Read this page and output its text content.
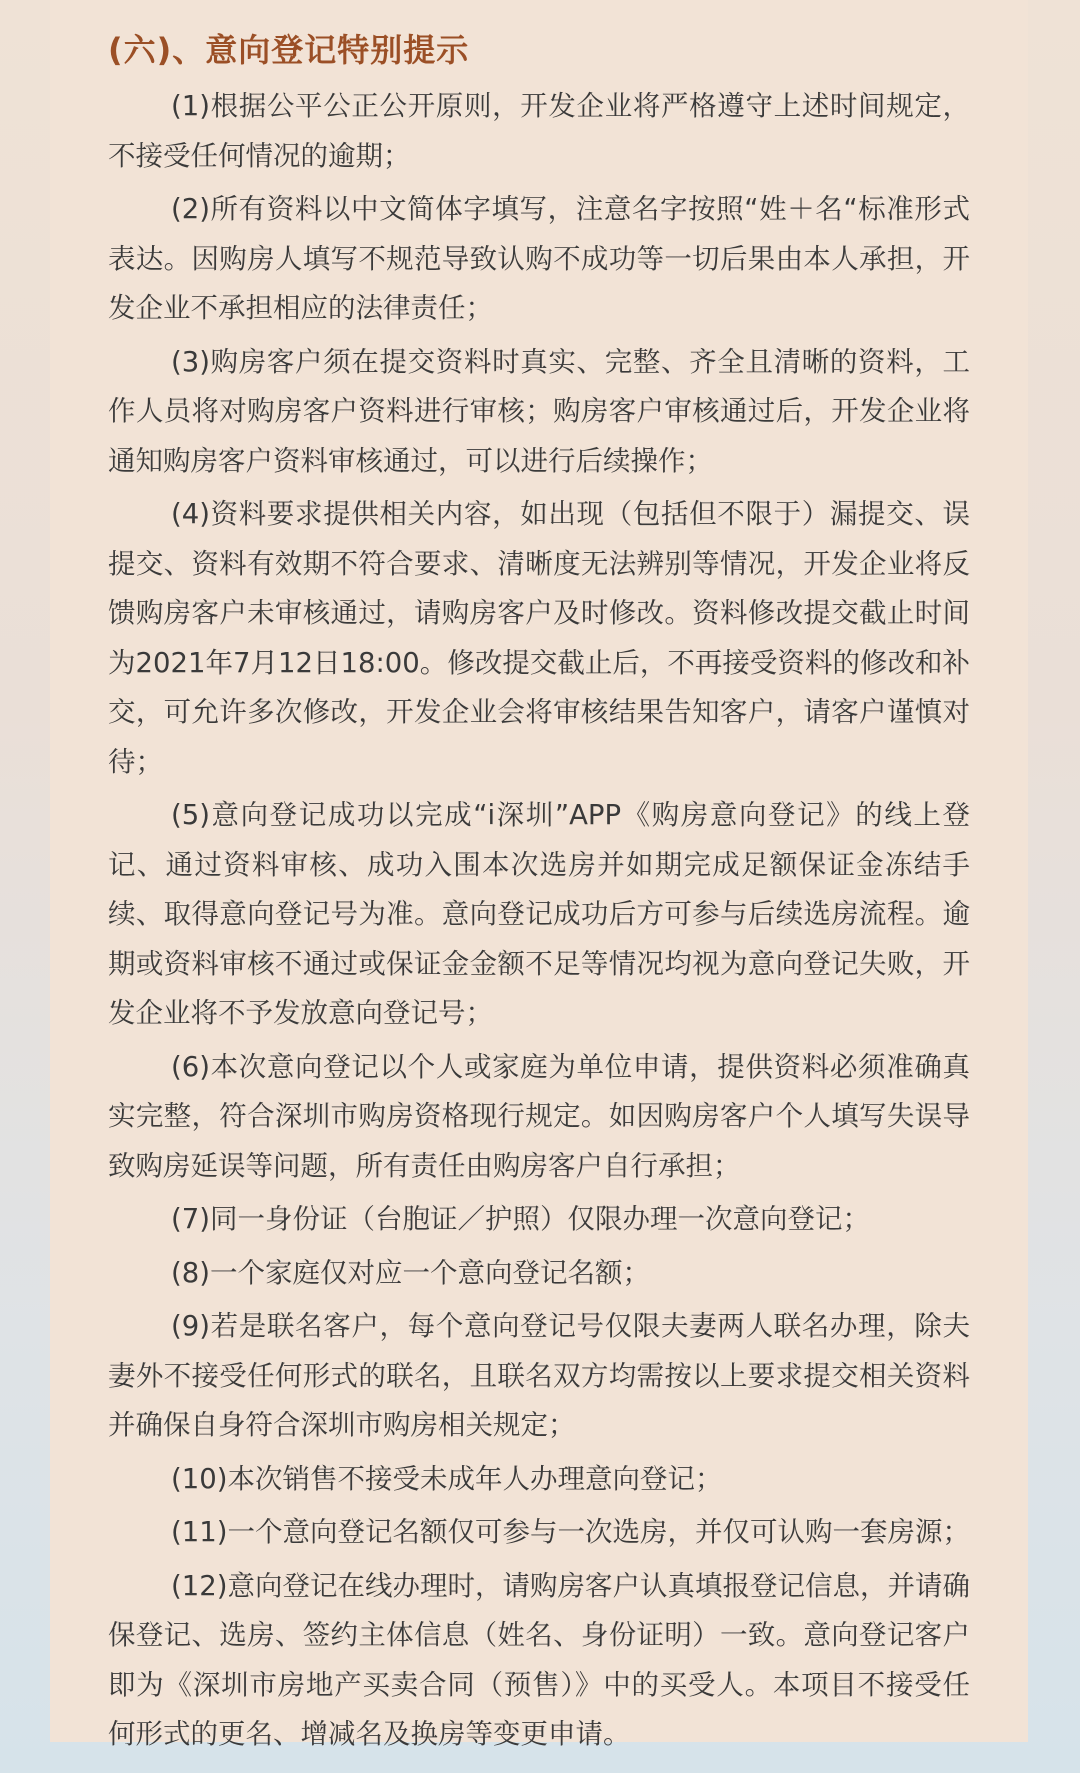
(六)、意向登记特别提示

(1)根据公平公正公开原则，开发企业将严格遵守上述时间规定，不接受任何情况的逾期；

(2)所有资料以中文简体字填写，注意名字按照“姓＋名“标准形式表达。因购房人填写不规范导致认购不成功等一切后果由本人承担，开发企业不承担相应的法律责任；

(3)购房客户须在提交资料时真实、完整、齐全且清晰的资料，工作人员将对购房客户资料进行审核；购房客户审核通过后，开发企业将通知购房客户资料审核通过，可以进行后续操作；

(4)资料要求提供相关内容，如出现（包括但不限于）漏提交、误提交、资料有效期不符合要求、清晰度无法辨别等情况，开发企业将反馈购房客户未审核通过，请购房客户及时修改。资料修改提交截止时间为2021年7月12日18:00。修改提交截止后，不再接受资料的修改和补交，可允许多次修改，开发企业会将审核结果告知客户，请客户谨慎对待；

(5)意向登记成功以完成“i深圳”APP《购房意向登记》的线上登记、通过资料审核、成功入围本次选房并如期完成足额保证金冻结手续、取得意向登记号为准。意向登记成功后方可参与后续选房流程。逾期或资料审核不通过或保证金金额不足等情况均视为意向登记失败，开发企业将不予发放意向登记号；

(6)本次意向登记以个人或家庭为单位申请，提供资料必须准确真实完整，符合深圳市购房资格现行规定。如因购房客户个人填写失误导致购房延误等问题，所有责任由购房客户自行承担；

(7)同一身份证（台胞证／护照）仅限办理一次意向登记；

(8)一个家庭仅对应一个意向登记名额；

(9)若是联名客户，每个意向登记号仅限夫妻两人联名办理，除夫妻外不接受任何形式的联名，且联名双方均需按以上要求提交相关资料并确保自身符合深圳市购房相关规定；

(10)本次销售不接受未成年人办理意向登记；

(11)一个意向登记名额仅可参与一次选房，并仅可认购一套房源；

(12)意向登记在线办理时，请购房客户认真填报登记信息，并请确保登记、选房、签约主体信息（姓名、身份证明）一致。意向登记客户即为《深圳市房地产买卖合同（预售）》中的买受人。本项目不接受任何形式的更名、增减名及换房等变更申请。
